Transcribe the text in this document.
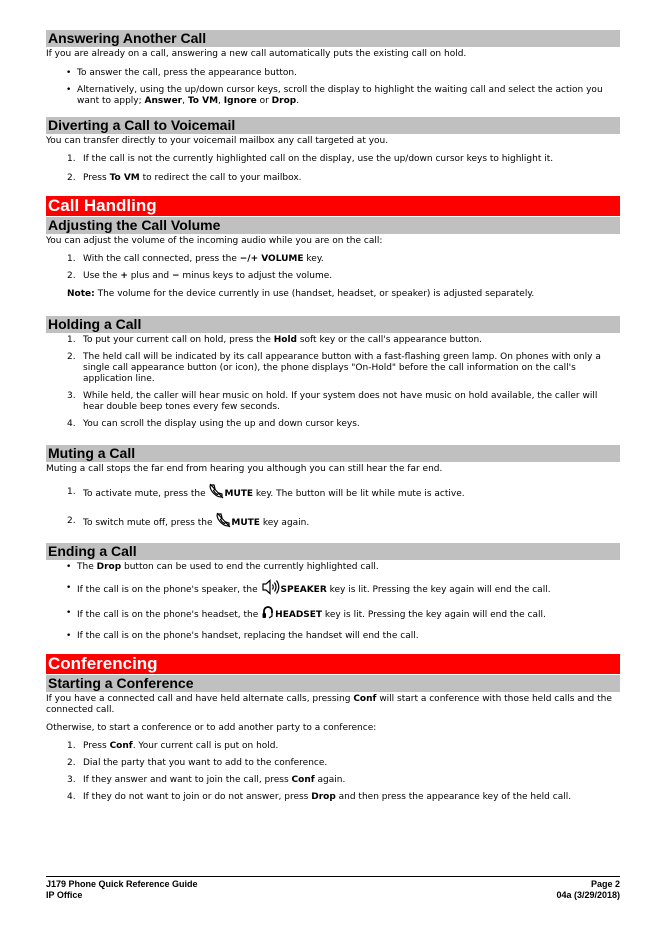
Answering Another Call

If you are already on a call, answering a new call automatically puts the existing call on hold.

• To answer the call, press the appearance button.
• Alternatively, using the up/down cursor keys, scroll the display to highlight the waiting call and select the action you want to apply; Answer, To VM, Ignore or Drop.
Diverting a Call to Voicemail

You can transfer directly to your voicemail mailbox any call targeted at you.

1. If the call is not the currently highlighted call on the display, use the up/down cursor keys to highlight it.
2. Press To VM to redirect the call to your mailbox.
Call Handling
Adjusting the Call Volume

You can adjust the volume of the incoming audio while you are on the call:

1. With the call connected, press the −/+ VOLUME key.
2. Use the + plus and − minus keys to adjust the volume.

Note: The volume for the device currently in use (handset, headset, or speaker) is adjusted separately.

Holding a Call
1. To put your current call on hold, press the Hold soft key or the call's appearance button.
2. The held call will be indicated by its call appearance button with a fast-flashing green lamp. On phones with only a single call appearance button (or icon), the phone displays "On-Hold" before the call information on the call's application line.
3. While held, the caller will hear music on hold. If your system does not have music on hold available, the caller will hear double beep tones every few seconds.
4. You can scroll the display using the up and down cursor keys.
Muting a Call

Muting a call stops the far end from hearing you although you can still hear the far end.

1. To activate mute, press the MUTE key. The button will be lit while mute is active.
2. To switch mute off, press the MUTE key again.
Ending a Call
• The Drop button can be used to end the currently highlighted call.
• If the call is on the phone's speaker, the SPEAKER key is lit. Pressing the key again will end the call.
• If the call is on the phone's headset, the HEADSET key is lit. Pressing the key again will end the call.
• If the call is on the phone's handset, replacing the handset will end the call.
Conferencing
Starting a Conference

If you have a connected call and have held alternate calls, pressing Conf will start a conference with those held calls and the connected call.

Otherwise, to start a conference or to add another party to a conference:

1. Press Conf. Your current call is put on hold.
2. Dial the party that you want to add to the conference.
3. If they answer and want to join the call, press Conf again.
4. If they do not want to join or do not answer, press Drop and then press the appearance key of the held call.
J179 Phone Quick Reference Guide	Page 2
IP Office	04a (3/29/2018)
